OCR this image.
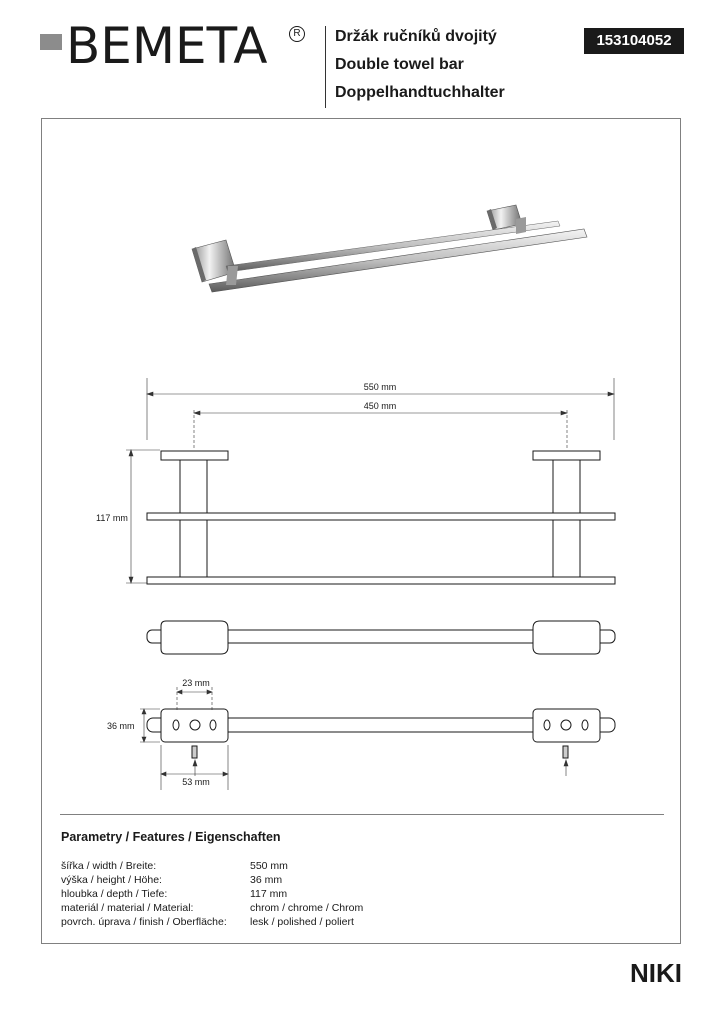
BEMETA	R Držák ručníků dvojitý
Double towel bar
Doppelhandtuchhalter
153104052
550 mm
450 mm
117 mm
23 mm
36 mm
53 mm
Parametry / Features / Eigenschaften
šířka / width / Breite:	550 mm
výška / height / Höhe:	36 mm
hloubka / depth / Tiefe:	117 mm
materiál / material / Material:	chrom / chrome / Chrom
povrch. úprava / finish / Oberfläche: lesk / polished / poliert
NIKI
